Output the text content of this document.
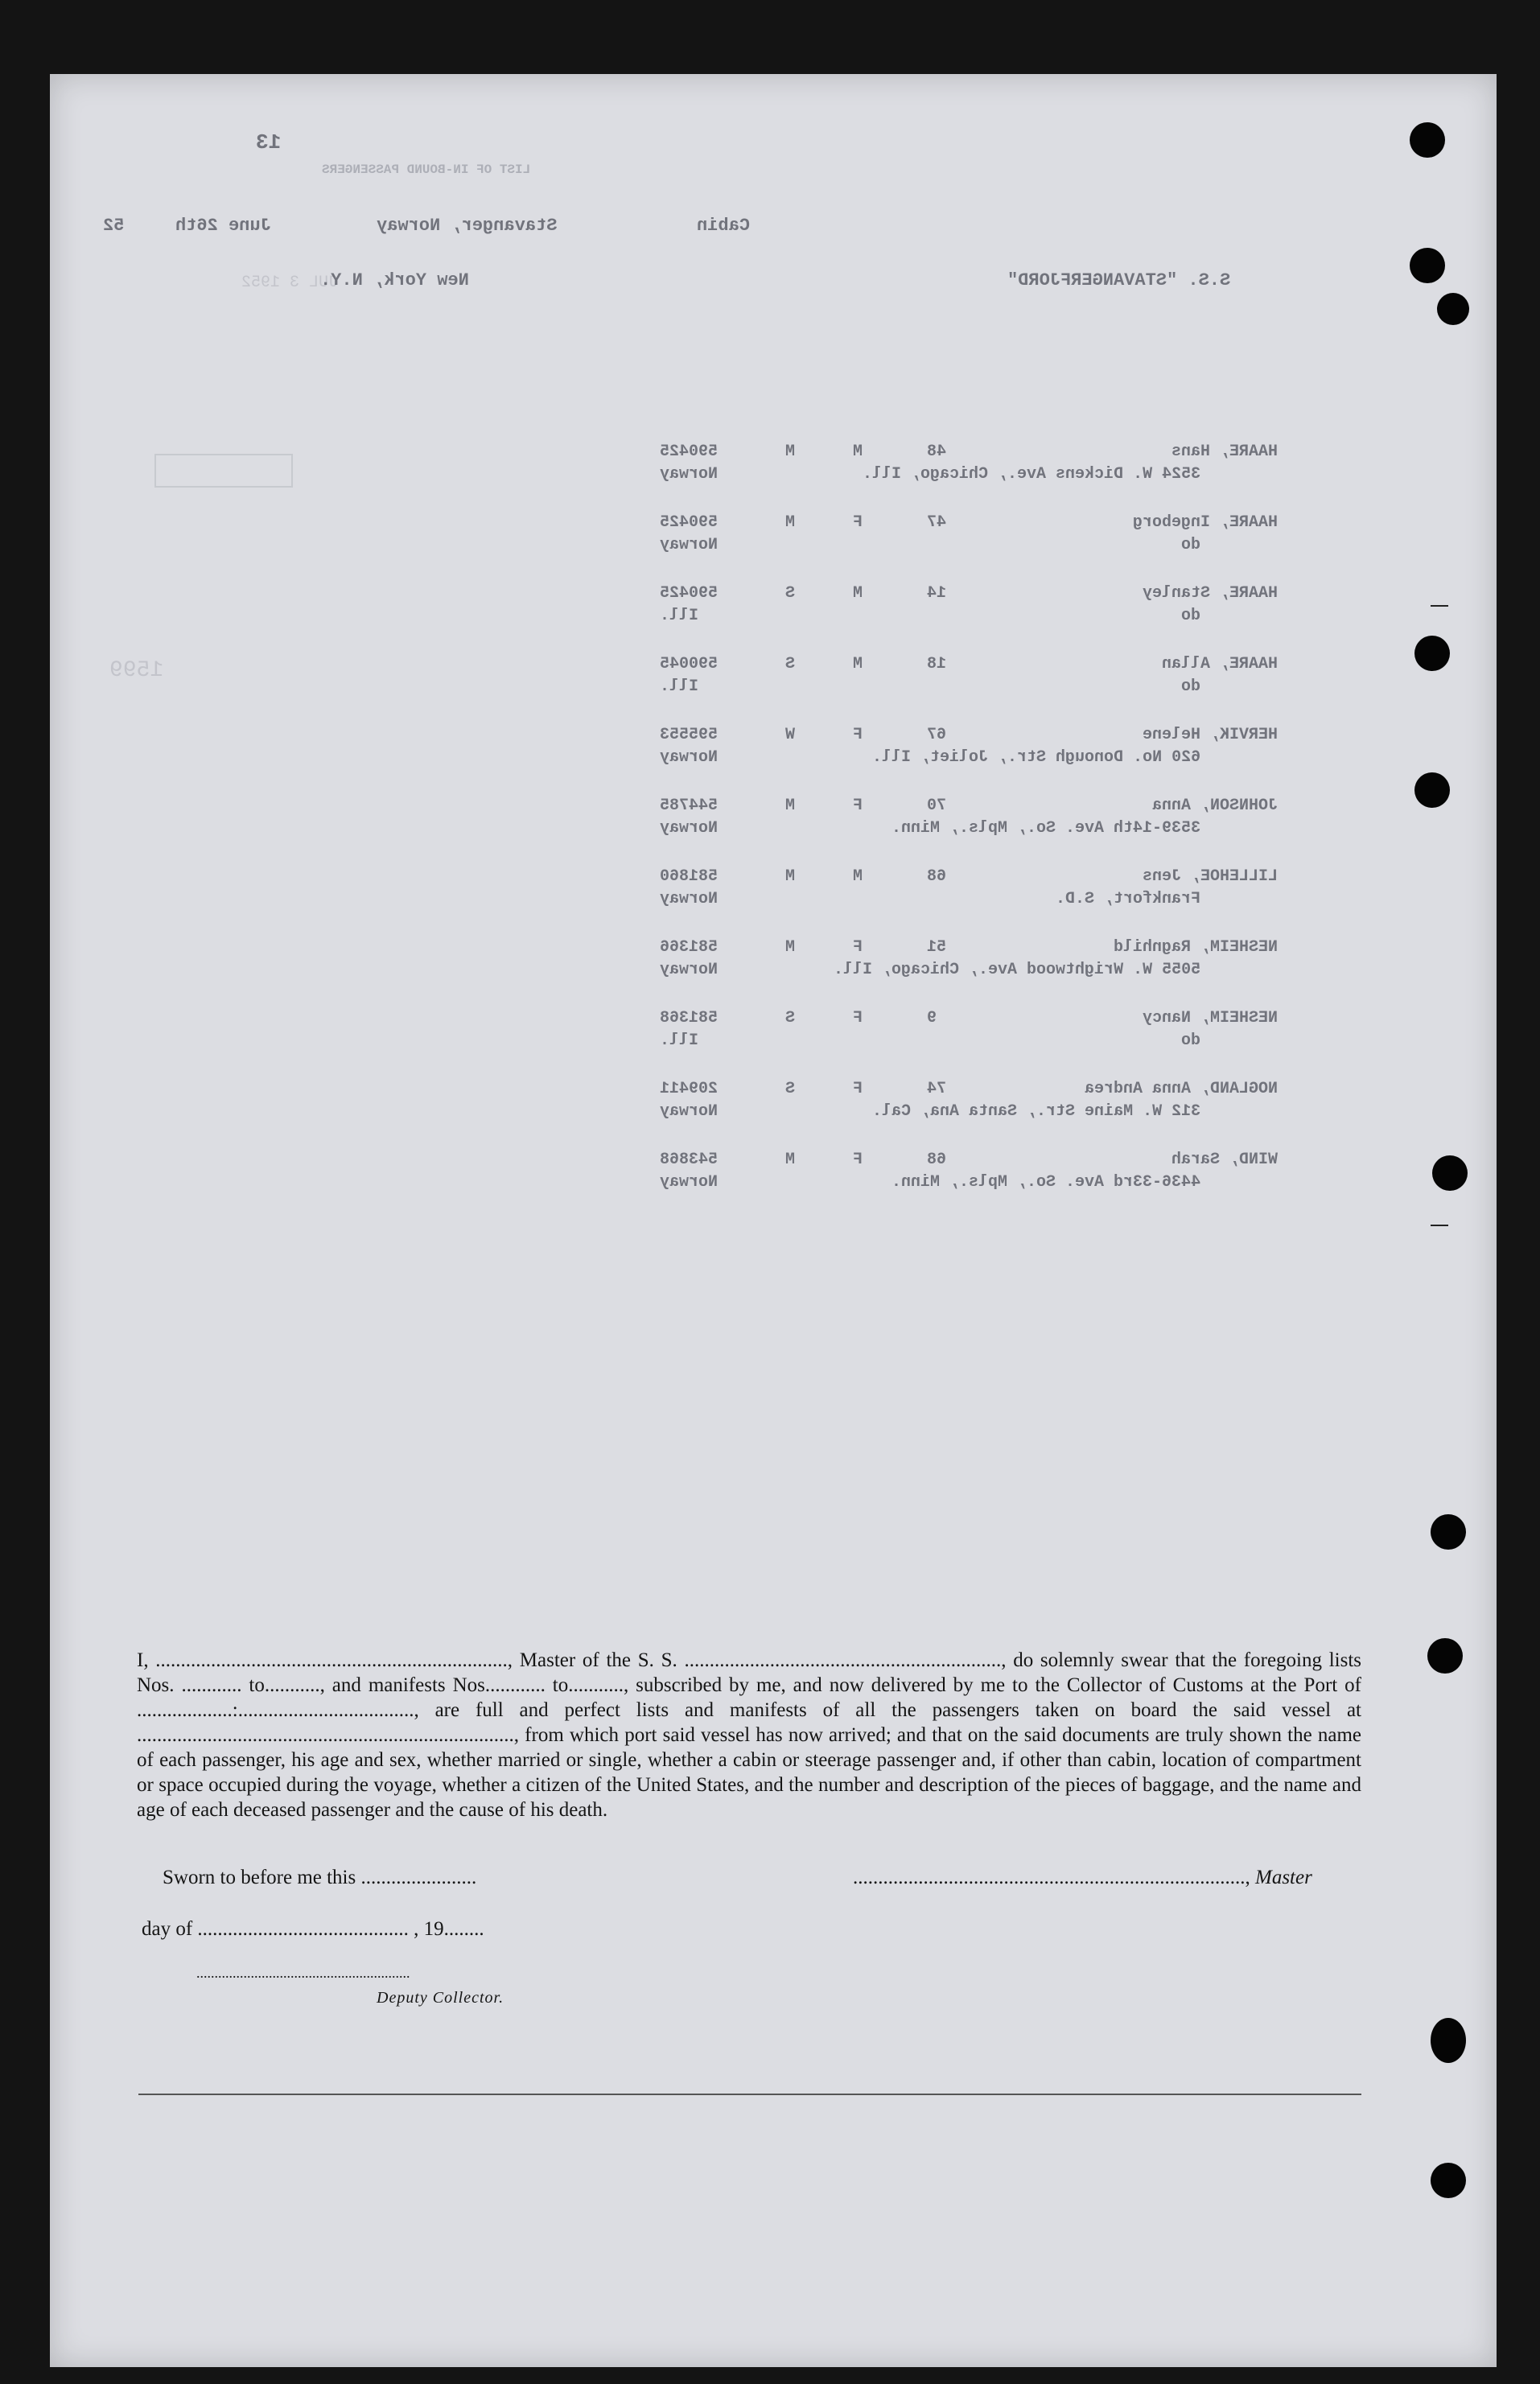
1599
JUL 3 1952
13
LIST OF IN-BOUND PASSENGERS
Cabin
Stavanger, Norway
June 26th
52
S.S. "STAVANGERFJORD"
New York, N.Y.
HAARE, Hans
48
M
M
590425
3524 W. Dickens Ave., Chicago, Ill.
Norway
HAARE, Ingeborg
47
F
M
590425
do
Norway
HAARE, Stanley
14
M
S
590425
do
Ill.
HAARE, Allan
18
M
S
590045
do
Ill.
HERVIK, Helene
67
F
W
595553
620 No. Donough Str., Joliet, Ill.
Norway
JOHNSON, Anna
70
F
M
544785
3539-14th Ave. So., Mpls., Minn.
Norway
LILLEHOE, Jens
68
M
M
581860
Frankfort, S.D.
Norway
NESHEIM, Ragnhild
51
F
M
581366
5055 W. Wrightwood Ave., Chicago, Ill.
Norway
NESHEIM, Nancy
9
F
S
581368
do
Ill.
NOGLAND, Anna Andrea
74
F
S
209411
312 W. Maine Str., Santa Ana, Cal.
Norway
WIND, Sarah
68
F
M
543868
4436-33rd Ave. So., Mpls., Minn.
Norway

I, ......................................................................, Master of the S. S. ..............................................................., do solemnly swear that the foregoing lists Nos. ............ to..........., and manifests Nos............ to..........., subscribed by me, and now delivered by me to the Collector of Customs at the Port of ...................:..................................., are full and perfect lists and manifests of all the passengers taken on board the said vessel at ..........................................................................., from which port said vessel has now arrived; and that on the said documents are truly shown the name of each passenger, his age and sex, whether married or single, whether a cabin or steerage passenger and, if other than cabin, location of compartment or space occupied during the voyage, whether a citizen of the United States, and the number and description of the pieces of baggage, and the name and age of each deceased passenger and the cause of his death.

Sworn to before me this .......................	.............................................................................., Master
day of .......................................... , 19........
...........................................................
Deputy Collector.
